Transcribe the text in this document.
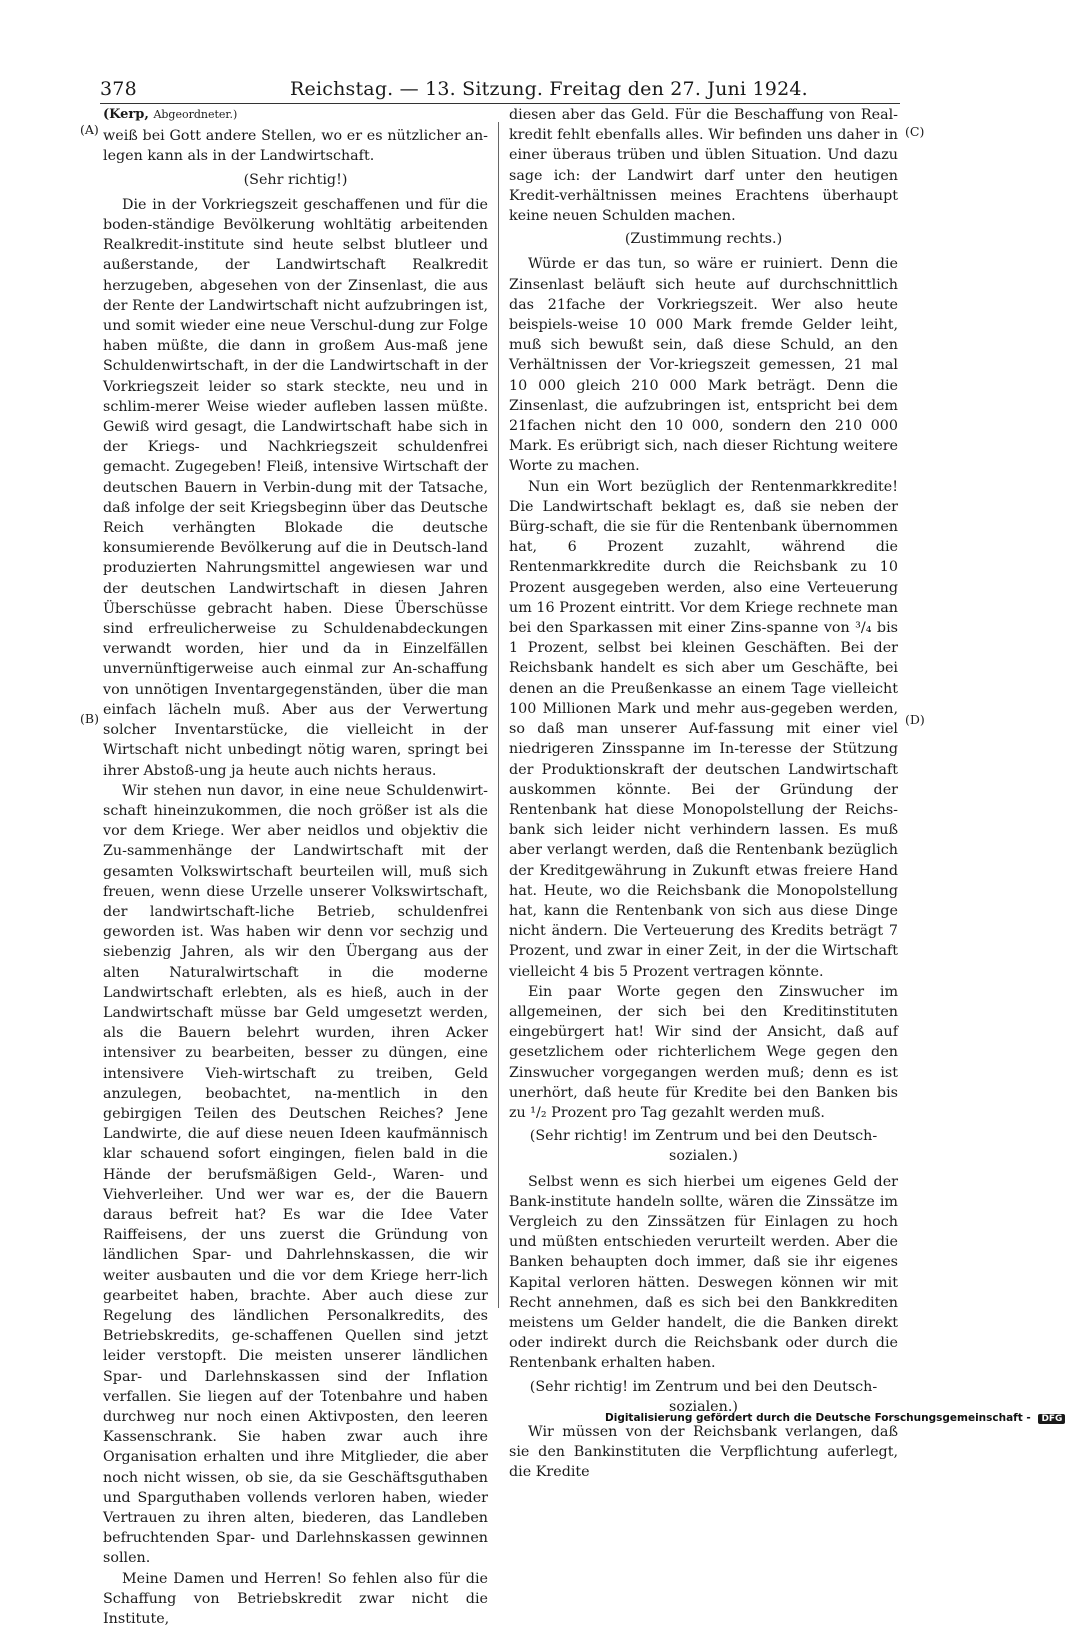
378	Reichstag. — 13. Sitzung. Freitag den 27. Juni 1924.
(A)
(B)
(C)
(D)

(Kerp, Abgeordneter.)

weiß bei Gott andere Stellen, wo er es nützlicher an-legen kann als in der Landwirtschaft.

(Sehr richtig!)

Die in der Vorkriegszeit geschaffenen und für die boden-ständige Bevölkerung wohltätig arbeitenden Realkredit-institute sind heute selbst blutleer und außerstande, der Landwirtschaft Realkredit herzugeben, abgesehen von der Zinsenlast, die aus der Rente der Landwirtschaft nicht aufzubringen ist, und somit wieder eine neue Verschul-dung zur Folge haben müßte, die dann in großem Aus-maß jene Schuldenwirtschaft, in der die Landwirtschaft in der Vorkriegszeit leider so stark steckte, neu und in schlim-merer Weise wieder aufleben lassen müßte. Gewiß wird gesagt, die Landwirtschaft habe sich in der Kriegs- und Nachkriegszeit schuldenfrei gemacht. Zugegeben! Fleiß, intensive Wirtschaft der deutschen Bauern in Verbin-dung mit der Tatsache, daß infolge der seit Kriegsbeginn über das Deutsche Reich verhängten Blokade die deutsche konsumierende Bevölkerung auf die in Deutsch-land produzierten Nahrungsmittel angewiesen war und der deutschen Landwirtschaft in diesen Jahren Überschüsse gebracht haben. Diese Überschüsse sind erfreulicherweise zu Schuldenabdeckungen verwandt worden, hier und da in Einzelfällen unvernünftigerweise auch einmal zur An-schaffung von unnötigen Inventargegenständen, über die man einfach lächeln muß. Aber aus der Verwertung solcher Inventarstücke, die vielleicht in der Wirtschaft nicht unbedingt nötig waren, springt bei ihrer Abstoß-ung ja heute auch nichts heraus.

Wir stehen nun davor, in eine neue Schuldenwirt-schaft hineinzukommen, die noch größer ist als die vor dem Kriege. Wer aber neidlos und objektiv die Zu-sammenhänge der Landwirtschaft mit der gesamten Volkswirtschaft beurteilen will, muß sich freuen, wenn diese Urzelle unserer Volkswirtschaft, der landwirtschaft-liche Betrieb, schuldenfrei geworden ist. Was haben wir denn vor sechzig und siebenzig Jahren, als wir den Übergang aus der alten Naturalwirtschaft in die moderne Landwirtschaft erlebten, als es hieß, auch in der Landwirtschaft müsse bar Geld umgesetzt werden, als die Bauern belehrt wurden, ihren Acker intensiver zu bearbeiten, besser zu düngen, eine intensivere Vieh-wirtschaft zu treiben, Geld anzulegen, beobachtet, na-mentlich in den gebirgigen Teilen des Deutschen Reiches? Jene Landwirte, die auf diese neuen Ideen kaufmännisch klar schauend sofort eingingen, fielen bald in die Hände der berufsmäßigen Geld-, Waren- und Viehverleiher. Und wer war es, der die Bauern daraus befreit hat? Es war die Idee Vater Raiffeisens, der uns zuerst die Gründung von ländlichen Spar- und Dahrlehnskassen, die wir weiter ausbauten und die vor dem Kriege herr-lich gearbeitet haben, brachte. Aber auch diese zur Regelung des ländlichen Personalkredits, des Betriebskredits, ge-schaffenen Quellen sind jetzt leider verstopft. Die meisten unserer ländlichen Spar- und Darlehnskassen sind der Inflation verfallen. Sie liegen auf der Totenbahre und haben durchweg nur noch einen Aktivposten, den leeren Kassenschrank. Sie haben zwar auch ihre Organisation erhalten und ihre Mitglieder, die aber noch nicht wissen, ob sie, da sie Geschäftsguthaben und Sparguthaben vollends verloren haben, wieder Vertrauen zu ihren alten, biederen, das Landleben befruchtenden Spar- und Darlehnskassen gewinnen sollen.

Meine Damen und Herren! So fehlen also für die Schaffung von Betriebskredit zwar nicht die Institute,

diesen aber das Geld. Für die Beschaffung von Real-kredit fehlt ebenfalls alles. Wir befinden uns daher in einer überaus trüben und üblen Situation. Und dazu sage ich: der Landwirt darf unter den heutigen Kredit-verhältnissen meines Erachtens überhaupt keine neuen Schulden machen.

(Zustimmung rechts.)

Würde er das tun, so wäre er ruiniert. Denn die Zinsenlast beläuft sich heute auf durchschnittlich das 21fache der Vorkriegszeit. Wer also heute beispiels-weise 10 000 Mark fremde Gelder leiht, muß sich bewußt sein, daß diese Schuld, an den Verhältnissen der Vor-kriegszeit gemessen, 21 mal 10 000 gleich 210 000 Mark beträgt. Denn die Zinsenlast, die aufzubringen ist, entspricht bei dem 21fachen nicht den 10 000, sondern den 210 000 Mark. Es erübrigt sich, nach dieser Richtung weitere Worte zu machen.

Nun ein Wort bezüglich der Rentenmarkkredite! Die Landwirtschaft beklagt es, daß sie neben der Bürg-schaft, die sie für die Rentenbank übernommen hat, 6 Prozent zuzahlt, während die Rentenmarkkredite durch die Reichsbank zu 10 Prozent ausgegeben werden, also eine Verteuerung um 16 Prozent eintritt. Vor dem Kriege rechnete man bei den Sparkassen mit einer Zins-spanne von ³/₄ bis 1 Prozent, selbst bei kleinen Geschäften. Bei der Reichsbank handelt es sich aber um Geschäfte, bei denen an die Preußenkasse an einem Tage vielleicht 100 Millionen Mark und mehr aus-gegeben werden, so daß man unserer Auf-fassung mit einer viel niedrigeren Zinsspanne im In-teresse der Stützung der Produktionskraft der deutschen Landwirtschaft auskommen könnte. Bei der Gründung der Rentenbank hat diese Monopolstellung der Reichs-bank sich leider nicht verhindern lassen. Es muß aber verlangt werden, daß die Rentenbank bezüglich der Kreditgewährung in Zukunft etwas freiere Hand hat. Heute, wo die Reichsbank die Monopolstellung hat, kann die Rentenbank von sich aus diese Dinge nicht ändern. Die Verteuerung des Kredits beträgt 7 Prozent, und zwar in einer Zeit, in der die Wirtschaft vielleicht 4 bis 5 Prozent vertragen könnte.

Ein paar Worte gegen den Zinswucher im allgemeinen, der sich bei den Kreditinstituten eingebürgert hat! Wir sind der Ansicht, daß auf gesetzlichem oder richterlichem Wege gegen den Zinswucher vorgegangen werden muß; denn es ist unerhört, daß heute für Kredite bei den Banken bis zu ¹/₂ Prozent pro Tag gezahlt werden muß.

(Sehr richtig! im Zentrum und bei den Deutsch-sozialen.)

Selbst wenn es sich hierbei um eigenes Geld der Bank-institute handeln sollte, wären die Zinssätze im Vergleich zu den Zinssätzen für Einlagen zu hoch und müßten entschieden verurteilt werden. Aber die Banken behaupten doch immer, daß sie ihr eigenes Kapital verloren hätten. Deswegen können wir mit Recht annehmen, daß es sich bei den Bankkrediten meistens um Gelder handelt, die die Banken direkt oder indirekt durch die Reichsbank oder durch die Rentenbank erhalten haben.

(Sehr richtig! im Zentrum und bei den Deutsch-sozialen.)

Wir müssen von der Reichsbank verlangen, daß sie den Bankinstituten die Verpflichtung auferlegt, die Kredite

Digitalisierung gefördert durch die Deutsche Forschungsgemeinschaft - DFG
